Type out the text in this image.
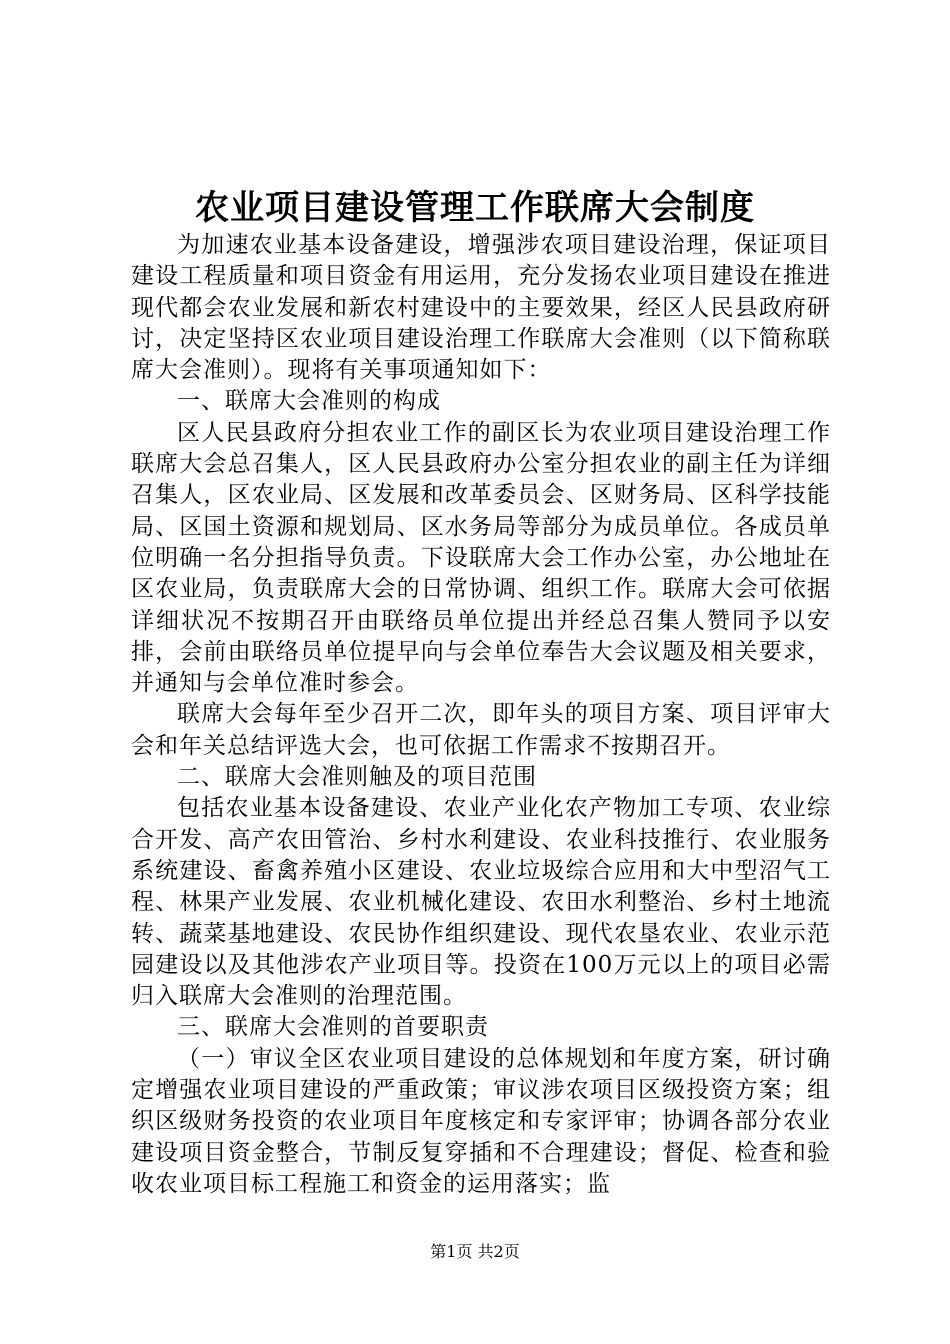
农业项目建设管理工作联席大会制度

为加速农业基本设备建设，增强涉农项目建设治理，保证项目建设工程质量和项目资金有用运用，充分发扬农业项目建设在推进现代都会农业发展和新农村建设中的主要效果，经区人民县政府研讨，决定坚持区农业项目建设治理工作联席大会准则（以下简称联席大会准则）。现将有关事项通知如下：

一、联席大会准则的构成

区人民县政府分担农业工作的副区长为农业项目建设治理工作联席大会总召集人，区人民县政府办公室分担农业的副主任为详细召集人，区农业局、区发展和改革委员会、区财务局、区科学技能局、区国土资源和规划局、区水务局等部分为成员单位。各成员单位明确一名分担指导负责。下设联席大会工作办公室，办公地址在区农业局，负责联席大会的日常协调、组织工作。联席大会可依据详细状况不按期召开由联络员单位提出并经总召集人赞同予以安排，会前由联络员单位提早向与会单位奉告大会议题及相关要求，并通知与会单位准时参会。

联席大会每年至少召开二次，即年头的项目方案、项目评审大会和年关总结评选大会，也可依据工作需求不按期召开。

二、联席大会准则触及的项目范围

包括农业基本设备建设、农业产业化农产物加工专项、农业综合开发、高产农田管治、乡村水利建设、农业科技推行、农业服务系统建设、畜禽养殖小区建设、农业垃圾综合应用和大中型沼气工程、林果产业发展、农业机械化建设、农田水利整治、乡村土地流转、蔬菜基地建设、农民协作组织建设、现代农垦农业、农业示范园建设以及其他涉农产业项目等。投资在100万元以上的项目必需归入联席大会准则的治理范围。

三、联席大会准则的首要职责

（一）审议全区农业项目建设的总体规划和年度方案，研讨确定增强农业项目建设的严重政策；审议涉农项目区级投资方案；组织区级财务投资的农业项目年度核定和专家评审；协调各部分农业建设项目资金整合，节制反复穿插和不合理建设；督促、检查和验收农业项目标工程施工和资金的运用落实；监

第1页 共2页
